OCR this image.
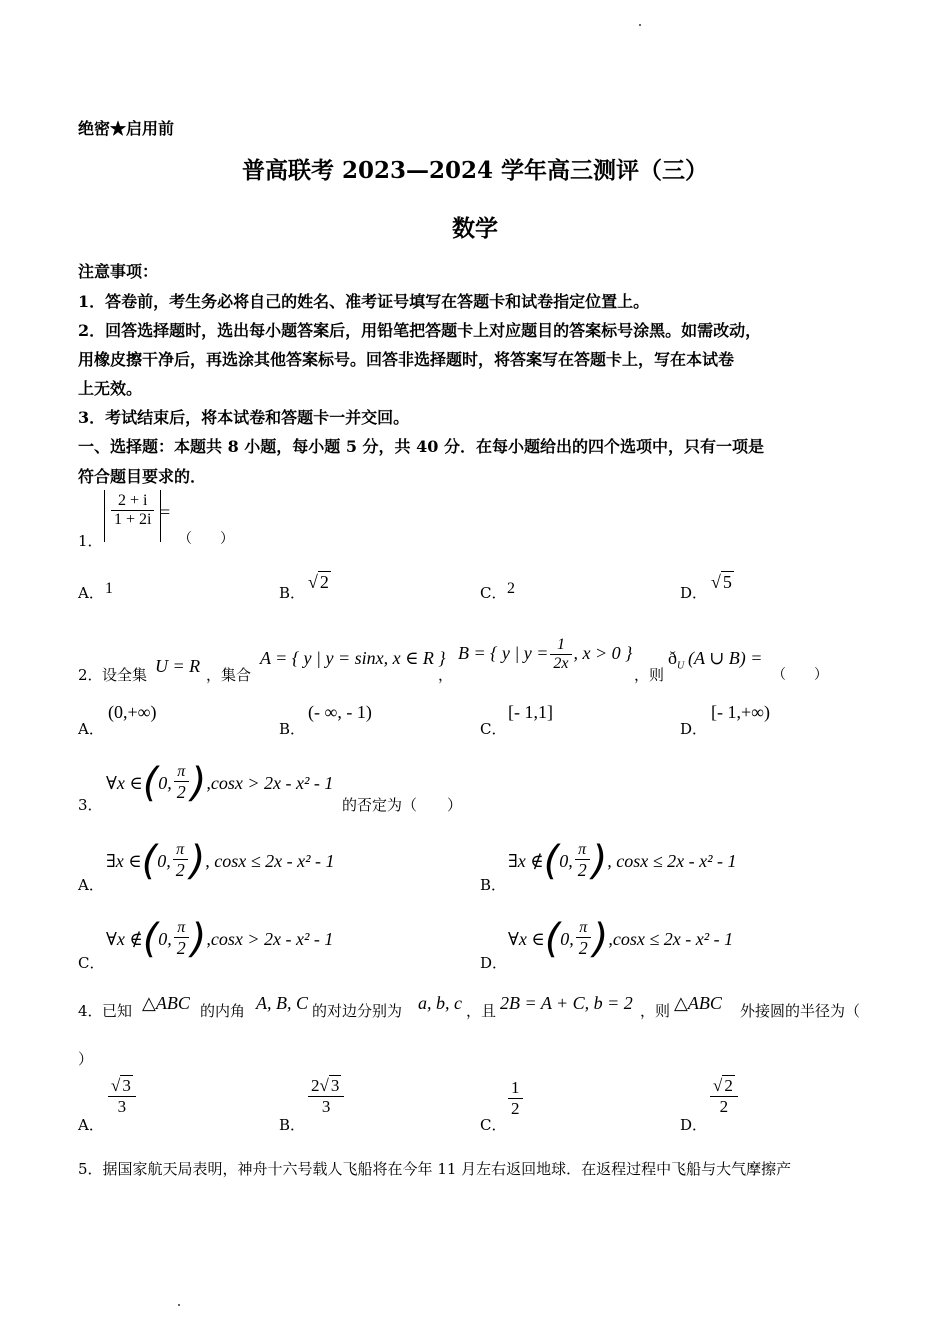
绝密★启用前
普高联考 2023—2024 学年高三测评（三）
数学
注意事项：
1．答卷前，考生务必将自己的姓名、准考证号填写在答题卡和试卷指定位置上。
2．回答选择题时，选出每小题答案后，用铅笔把答题卡上对应题目的答案标号涂黑。如需改动，
用橡皮擦干净后，再选涂其他答案标号。回答非选择题时，将答案写在答题卡上，写在本试卷
上无效。
3．考试结束后，将本试卷和答题卡一并交回。
一、选择题：本题共 8 小题，每小题 5 分，共 40 分．在每小题给出的四个选项中，只有一项是
符合题目要求的．
1．
$\frac{2 + i}{1 + 2i}$ =
（　　）
A． 1	B．
√ 2
C． 2	D．
√ 5
2． 设全集 U = R ，集合
A = { y | y = sinx, x ∈ R }
，
B = { y | $y = \frac{1}{2x}$ , x > 0 }
，则
$ð_U$ (A ∪ B) =
（　　）
A．
(0,+∞)
B．
(- ∞, - 1)
C．
[- 1,1]
D．
[- 1,+∞)
3．
∀x ∈ ( 0, $\frac{\pi}{2}$ ) ,cosx > 2x - x² - 1
的否定为（　　）
A．
∃x ∈ ( 0, $\frac{\pi}{2}$ ) , cosx ≤ 2x - x² - 1
B．
∃x ∉ ( 0, $\frac{\pi}{2}$ ) , cosx ≤ 2x - x² - 1
C．
∀x ∉ ( 0, $\frac{\pi}{2}$ ) ,cosx > 2x - x² - 1
D．
∀x ∈ ( 0, $\frac{\pi}{2}$ ) ,cosx ≤ 2x - x² - 1
4． 已知 △ABC 的内角 A, B, C 的对边分别为 a, b, c ，且 2B = A + C, b = 2 ，则 △ABC 外接圆的半径为（
）
A．
$\frac{√ 3}{3}$
B．
$\frac{2√ 3}{3}$
C．
$\frac{1}{2}$
D．
$\frac{√ 2}{2}$
5．据国家航天局表明，神舟十六号载人飞船将在今年 11 月左右返回地球．在返程过程中飞船与大气摩擦产
